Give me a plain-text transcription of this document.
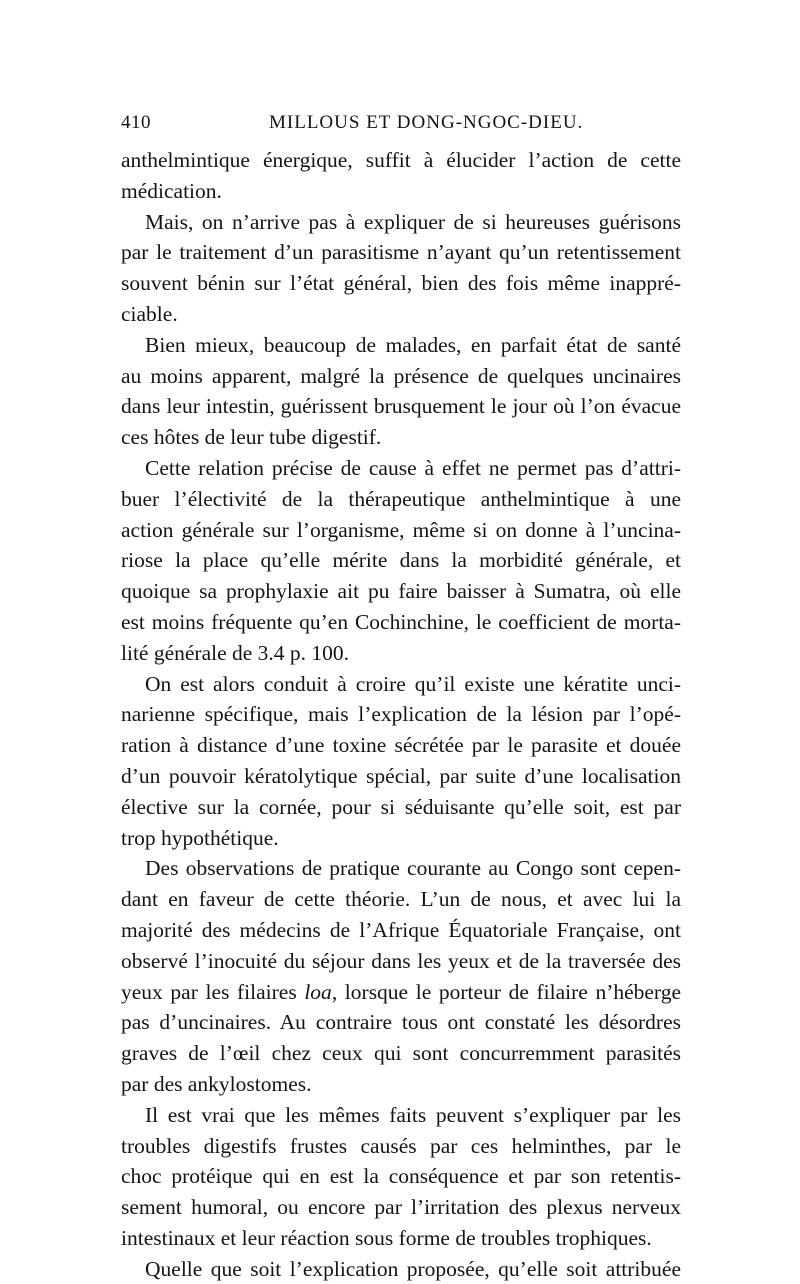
410	MILLOUS ET DONG-NGOC-DIEU.
anthelmintique énergique, suffit à élucider l’action de cette
médication.
Mais, on n’arrive pas à expliquer de si heureuses guérisons
par le traitement d’un parasitisme n’ayant qu’un retentissement
souvent bénin sur l’état général, bien des fois même inappré-
ciable.
Bien mieux, beaucoup de malades, en parfait état de santé
au moins apparent, malgré la présence de quelques uncinaires
dans leur intestin, guérissent brusquement le jour où l’on évacue
ces hôtes de leur tube digestif.
Cette relation précise de cause à effet ne permet pas d’attri-
buer l’électivité de la thérapeutique anthelmintique à une
action générale sur l’organisme, même si on donne à l’uncina-
riose la place qu’elle mérite dans la morbidité générale, et
quoique sa prophylaxie ait pu faire baisser à Sumatra, où elle
est moins fréquente qu’en Cochinchine, le coefficient de morta-
lité générale de 3.4 p. 100.
On est alors conduit à croire qu’il existe une kératite unci-
narienne spécifique, mais l’explication de la lésion par l’opé-
ration à distance d’une toxine sécrétée par le parasite et douée
d’un pouvoir kératolytique spécial, par suite d’une localisation
élective sur la cornée, pour si séduisante qu’elle soit, est par
trop hypothétique.
Des observations de pratique courante au Congo sont cepen-
dant en faveur de cette théorie. L’un de nous, et avec lui la
majorité des médecins de l’Afrique Équatoriale Française, ont
observé l’inocuité du séjour dans les yeux et de la traversée des
yeux par les filaires loa, lorsque le porteur de filaire n’héberge
pas d’uncinaires. Au contraire tous ont constaté les désordres
graves de l’œil chez ceux qui sont concurremment parasités
par des ankylostomes.
Il est vrai que les mêmes faits peuvent s’expliquer par les
troubles digestifs frustes causés par ces helminthes, par le
choc protéique qui en est la conséquence et par son retentis-
sement humoral, ou encore par l’irritation des plexus nerveux
intestinaux et leur réaction sous forme de troubles trophiques.
Quelle que soit l’explication proposée, qu’elle soit attribuée
